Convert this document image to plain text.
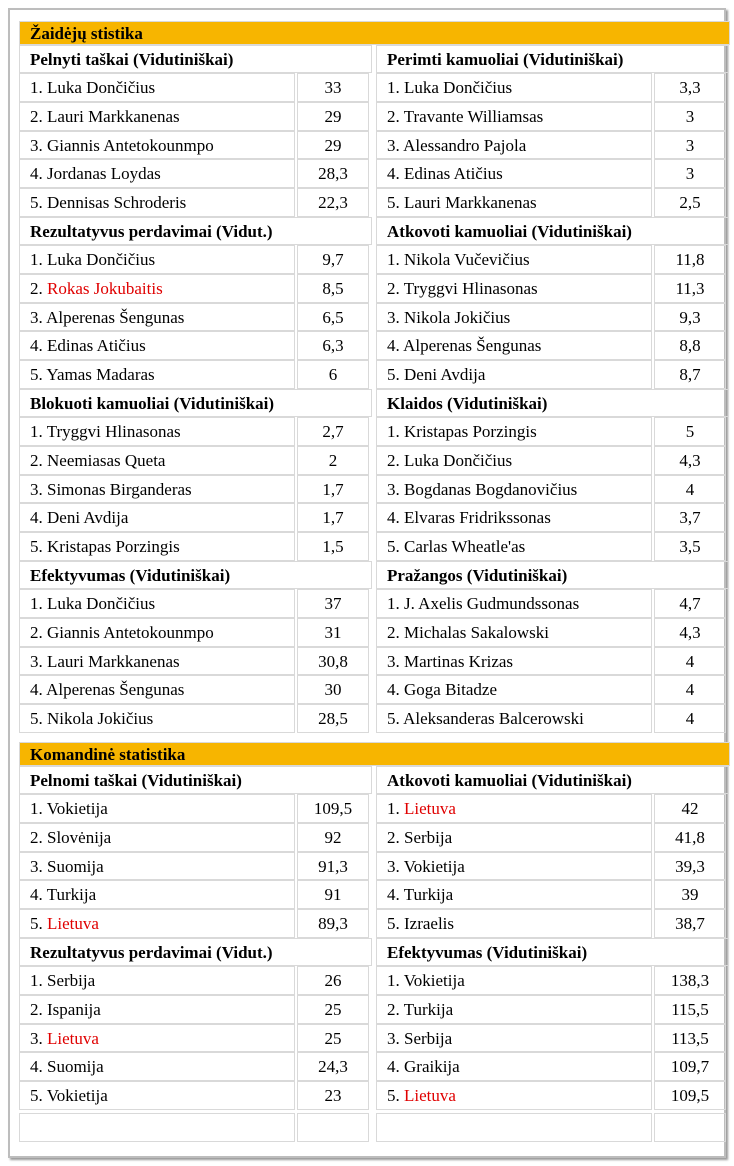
Žaidėjų stistika
Pelnyti taškai (Vidutiniškai)
1. Luka Dončičius	33
2. Lauri Markkanenas	29
3. Giannis Antetokounmpo	29
4. Jordanas Loydas	28,3
5. Dennisas Schroderis	22,3
Rezultatyvus perdavimai (Vidut.)
1. Luka Dončičius	9,7
2. Rokas Jokubaitis	8,5
3. Alperenas Šengunas	6,5
4. Edinas Atičius	6,3
5. Yamas Madaras	6
Blokuoti kamuoliai (Vidutiniškai)
1. Tryggvi Hlinasonas	2,7
2. Neemiasas Queta	2
3. Simonas Birganderas	1,7
4. Deni Avdija	1,7
5. Kristapas Porzingis	1,5
Efektyvumas (Vidutiniškai)
1. Luka Dončičius	37
2. Giannis Antetokounmpo	31
3. Lauri Markkanenas	30,8
4. Alperenas Šengunas	30
5. Nikola Jokičius	28,5
Perimti kamuoliai (Vidutiniškai)
1. Luka Dončičius	3,3
2. Travante Williamsas	3
3. Alessandro Pajola	3
4. Edinas Atičius	3
5. Lauri Markkanenas	2,5
Atkovoti kamuoliai (Vidutiniškai)
1. Nikola Vučevičius	11,8
2. Tryggvi Hlinasonas	11,3
3. Nikola Jokičius	9,3
4. Alperenas Šengunas	8,8
5. Deni Avdija	8,7
Klaidos (Vidutiniškai)
1. Kristapas Porzingis	5
2. Luka Dončičius	4,3
3. Bogdanas Bogdanovičius	4
4. Elvaras Fridrikssonas	3,7
5. Carlas Wheatle'as	3,5
Pražangos (Vidutiniškai)
1. J. Axelis Gudmundssonas	4,7
2. Michalas Sakalowski	4,3
3. Martinas Krizas	4
4. Goga Bitadze	4
5. Aleksanderas Balcerowski	4
Komandinė statistika
Pelnomi taškai (Vidutiniškai)
1. Vokietija	109,5
2. Slovėnija	92
3. Suomija	91,3
4. Turkija	91
5. Lietuva	89,3
Rezultatyvus perdavimai (Vidut.)
1. Serbija	26
2. Ispanija	25
3. Lietuva	25
4. Suomija	24,3
5. Vokietija	23
Atkovoti kamuoliai (Vidutiniškai)
1. Lietuva	42
2. Serbija	41,8
3. Vokietija	39,3
4. Turkija	39
5. Izraelis	38,7
Efektyvumas (Vidutiniškai)
1. Vokietija	138,3
2. Turkija	115,5
3. Serbija	113,5
4. Graikija	109,7
5. Lietuva	109,5
